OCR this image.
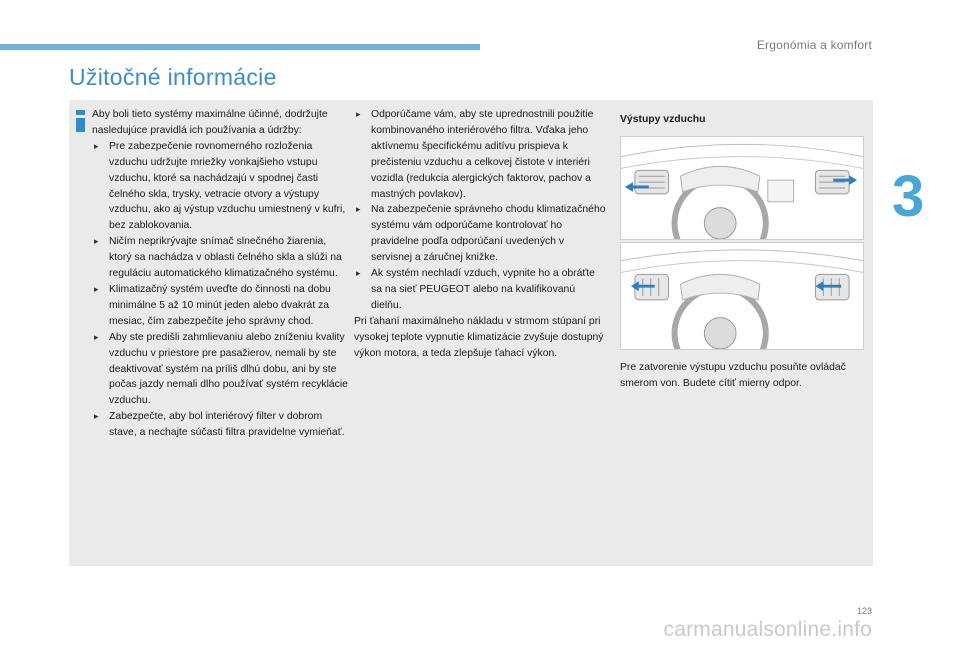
Ergonómia a komfort
3
Užitočné informácie

Aby boli tieto systémy maximálne účinné, dodržujte nasledujúce pravidlá ich používania a údržby:

▸ Pre zabezpečenie rovnomerného rozloženia vzduchu udržujte mriežky vonkajšieho vstupu vzduchu, ktoré sa nachádzajú v spodnej časti čelného skla, trysky, vetracie otvory a výstupy vzduchu, ako aj výstup vzduchu umiestnený v kufri, bez zablokovania.

▸ Ničím neprikrývajte snímač slnečného žiarenia, ktorý sa nachádza v oblasti čelného skla a slúži na reguláciu automatického klimatizačného systému.

▸ Klimatizačný systém uveďte do činnosti na dobu minimálne 5 až 10 minút jeden alebo dvakrát za mesiac, čím zabezpečíte jeho správny chod.

▸ Aby ste predišli zahmlievaniu alebo zníženiu kvality vzduchu v priestore pre pasažierov, nemali by ste deaktivovať systém na príliš dlhú dobu, ani by ste počas jazdy nemali dlho používať systém recyklácie vzduchu.

▸ Zabezpečte, aby bol interiérový filter v dobrom stave, a nechajte súčasti filtra pravidelne vymieňať.

▸ Odporúčame vám, aby ste uprednostnili použitie kombinovaného interiérového filtra. Vďaka jeho aktívnemu špecifickému aditívu prispieva k prečisteniu vzduchu a celkovej čistote v interiéri vozidla (redukcia alergických faktorov, pachov a mastných povlakov).

▸ Na zabezpečenie správneho chodu klimatizačného systému vám odporúčame kontrolovať ho pravidelne podľa odporúčaní uvedených v servisnej a záručnej knižke.

▸ Ak systém nechladí vzduch, vypnite ho a obráťte sa na sieť PEUGEOT alebo na kvalifikovanú dielňu.

Pri ťahaní maximálneho nákladu v strmom stúpaní pri vysokej teplote vypnutie klimatizácie zvyšuje dostupný výkon motora, a teda zlepšuje ťahací výkon.

Výstupy vzduchu

Pre zatvorenie výstupu vzduchu posuňte ovládač smerom von. Budete cítiť mierny odpor.

123
carmanualsonline.info
